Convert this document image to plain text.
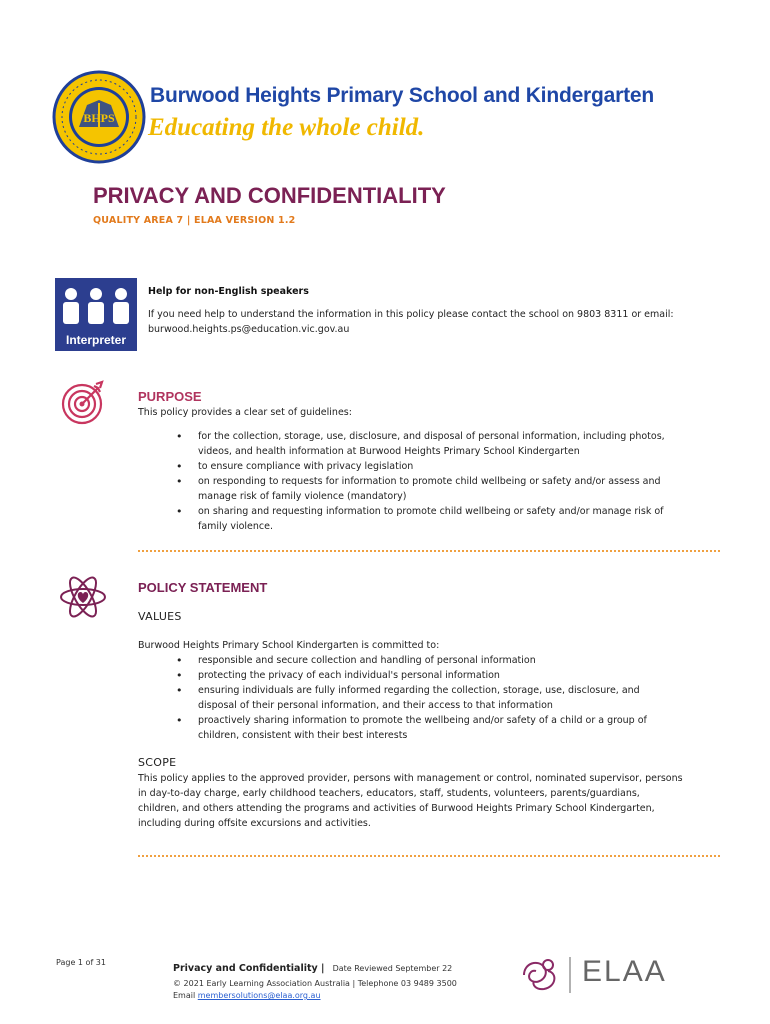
BHPS
Burwood Heights Primary School and Kindergarten
Educating the whole child.
PRIVACY AND CONFIDENTIALITY
QUALITY AREA 7 | ELAA VERSION 1.2
Interpreter
Help for non-English speakers
If you need help to understand the information in this policy please contact the school on 9803 8311 or email: burwood.heights.ps@education.vic.gov.au
PURPOSE
This policy provides a clear set of guidelines:
• for the collection, storage, use, disclosure, and disposal of personal information, including photos, videos, and health information at Burwood Heights Primary School Kindergarten
• to ensure compliance with privacy legislation
• on responding to requests for information to promote child wellbeing or safety and/or assess and manage risk of family violence (mandatory)
• on sharing and requesting information to promote child wellbeing or safety and/or manage risk of family violence.
POLICY STATEMENT
VALUES
Burwood Heights Primary School Kindergarten is committed to:
• responsible and secure collection and handling of personal information
• protecting the privacy of each individual's personal information
• ensuring individuals are fully informed regarding the collection, storage, use, disclosure, and disposal of their personal information, and their access to that information
• proactively sharing information to promote the wellbeing and/or safety of a child or a group of children, consistent with their best interests
SCOPE
This policy applies to the approved provider, persons with management or control, nominated supervisor, persons in day-to-day charge, early childhood teachers, educators, staff, students, volunteers, parents/guardians, children, and others attending the programs and activities of Burwood Heights Primary School Kindergarten, including during offsite excursions and activities.
Page 1 of 31
Privacy and Confidentiality | Date Reviewed September 22
© 2021 Early Learning Association Australia | Telephone 03 9489 3500
Email membersolutions@elaa.org.au
ELAA
